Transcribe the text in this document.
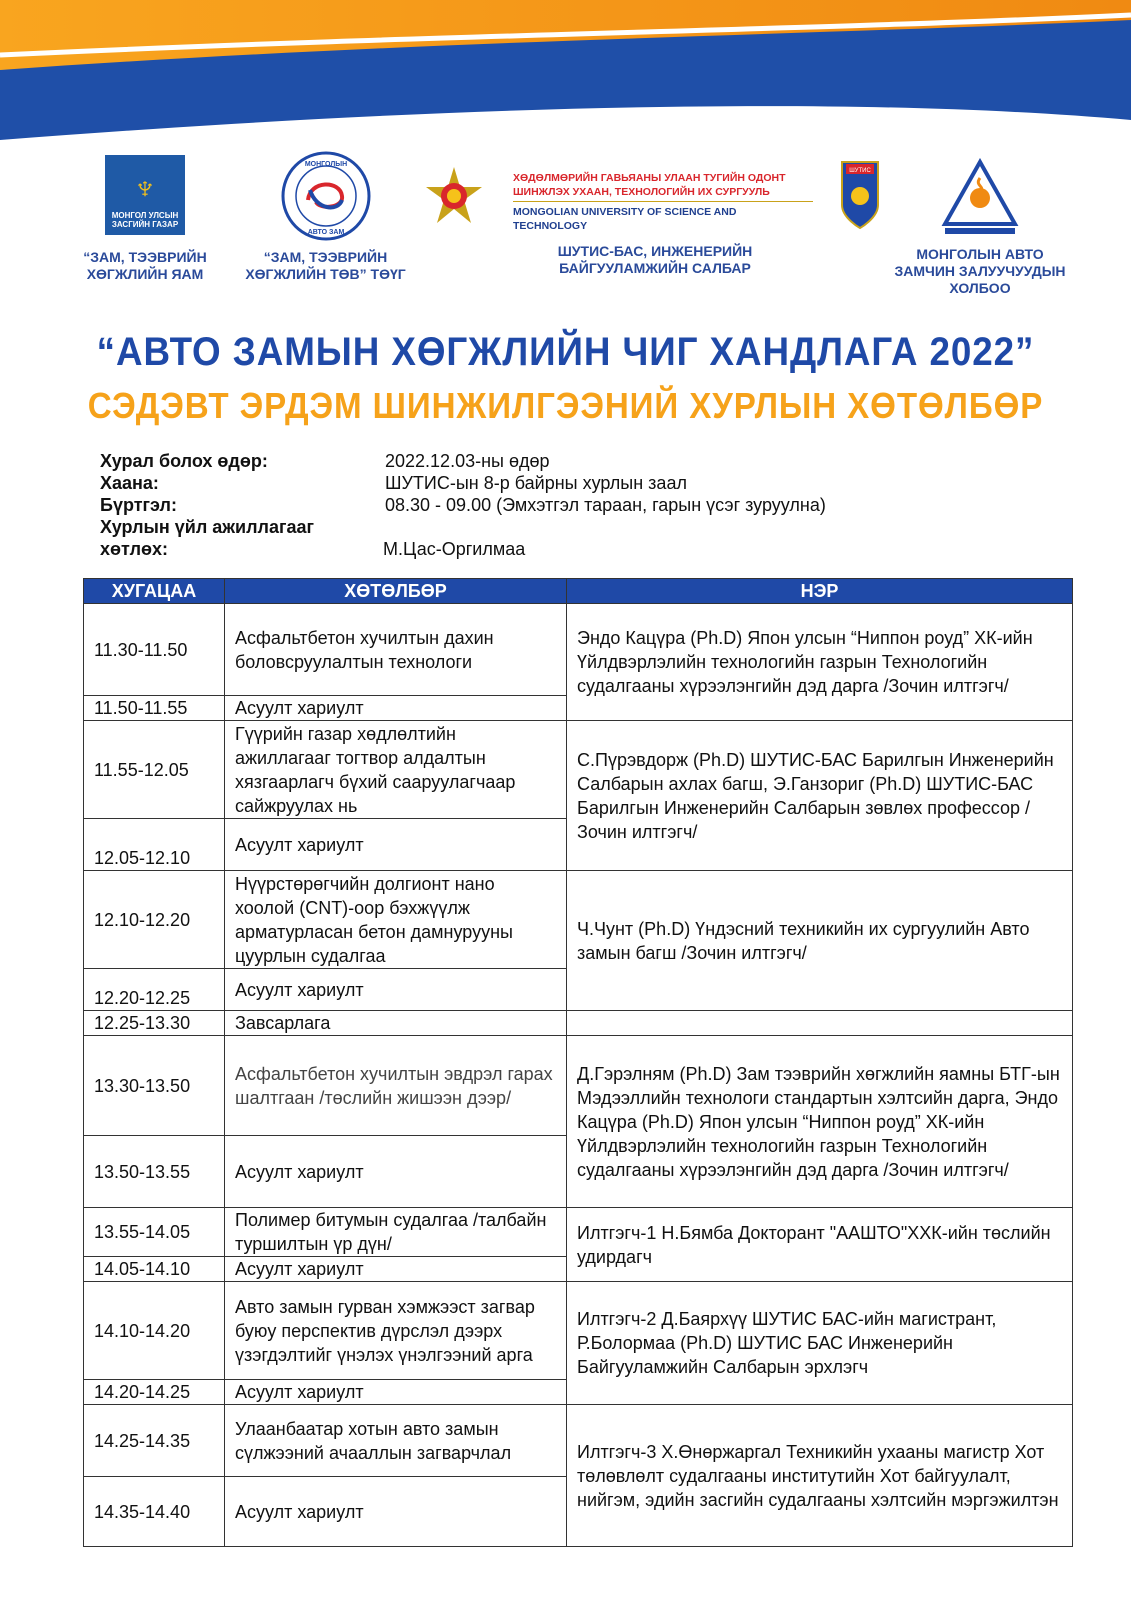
♆
МОНГОЛ УЛСЫН
ЗАСГИЙН ГАЗАР
“ЗАМ, ТЭЭВРИЙН
ХӨГЖЛИЙН ЯАМ
МОНГОЛЫН
АВТО ЗАМ
“ЗАМ, ТЭЭВРИЙН
ХӨГЖЛИЙН ТӨВ” ТӨҮГ
ХӨДӨЛМӨРИЙН ГАВЬЯАНЫ УЛААН ТУГИЙН ОДОНТ
ШИНЖЛЭХ УХААН, ТЕХНОЛОГИЙН ИХ СУРГУУЛЬ
MONGOLIAN UNIVERSITY OF SCIENCE AND TECHNOLOGY
ШУТИС
ШУТИС-БАС, ИНЖЕНЕРИЙН
БАЙГУУЛАМЖИЙН САЛБАР
МОНГОЛЫН АВТО
ЗАМЧИН ЗАЛУУЧУУДЫН
ХОЛБОО
“АВТО ЗАМЫН ХӨГЖЛИЙН ЧИГ ХАНДЛАГА 2022”
СЭДЭВТ ЭРДЭМ ШИНЖИЛГЭЭНИЙ ХУРЛЫН ХӨТӨЛБӨР
Хурал болох өдөр:	2022.12.03-ны өдөр
Хаана:	ШУТИС-ын 8-р байрны хурлын заал
Бүртгэл:	08.30 - 09.00 (Эмхэтгэл тараан, гарын үсэг зуруулна)
Хурлын үйл ажиллагааг
хөтлөх:	М.Цас-Оргилмаа
ХУГАЦАА	ХӨТӨЛБӨР	НЭР
11.30-11.50	Асфальтбетон хучилтын дахин боловсруулалтын технологи	Эндо Кацүра (Ph.D) Япон улсын “Ниппон роуд” ХК-ийн Үйлдвэрлэлийн технологийн газрын Технологийн судалгааны хүрээлэнгийн дэд дарга /Зочин илтгэгч/
11.50-11.55	Асуулт хариулт	
11.55-12.05	Гүүрийн газар хөдлөлтийн ажиллагааг тогтвор алдалтын хязгаарлагч бүхий сааруулагчаар сайжруулах нь	С.Пүрэвдорж (Ph.D) ШУТИС-БАС Барилгын Инженерийн Салбарын ахлах багш, Э.Ганзориг (Ph.D) ШУТИС-БАС Барилгын Инженерийн Салбарын зөвлөх профессор /Зочин илтгэгч/
12.05-12.10	Асуулт хариулт	
12.10-12.20	Нүүрстөрөгчийн долгионт нано хоолой (CNT)-оор бэхжүүлж арматурласан бетон дамнурууны цуурлын судалгаа	Ч.Чунт (Ph.D) Үндэсний техникийн их сургуулийн Авто замын багш /Зочин илтгэгч/
12.20-12.25	Асуулт хариулт	
12.25-13.30	Завсарлага	
13.30-13.50	Асфальтбетон хучилтын эвдрэл гарах шалтгаан /төслийн жишээн дээр/	Д.Гэрэлням (Ph.D) Зам тээврийн хөгжлийн яамны БТГ-ын Мэдээллийн технологи стандартын хэлтсийн дарга, Эндо Кацүра (Ph.D) Япон улсын “Ниппон роуд” ХК-ийн Үйлдвэрлэлийн технологийн газрын Технологийн судалгааны хүрээлэнгийн дэд дарга /Зочин илтгэгч/
13.50-13.55	Асуулт хариулт	
13.55-14.05	Полимер битумын судалгаа /талбайн туршилтын үр дүн/	Илтгэгч-1 Н.Бямба Докторант "ААШТО"ХХК-ийн төслийн удирдагч
14.05-14.10	Асуулт хариулт	
14.10-14.20	Авто замын гурван хэмжээст загвар буюу перспектив дүрслэл дээрх үзэгдэлтийг үнэлэх үнэлгээний арга	Илтгэгч-2 Д.Баярхүү ШУТИС БАС-ийн магистрант, Р.Болормаа (Ph.D) ШУТИС БАС Инженерийн Байгууламжийн Салбарын эрхлэгч
14.20-14.25	Асуулт хариулт	
14.25-14.35	Улаанбаатар хотын авто замын сүлжээний ачааллын загварчлал	Илтгэгч-3 Х.Өнөржаргал Техникийн ухааны магистр Хот төлөвлөлт судалгааны институтийн Хот байгуулалт, нийгэм, эдийн засгийн судалгааны хэлтсийн мэргэжилтэн
14.35-14.40	Асуулт хариулт	
